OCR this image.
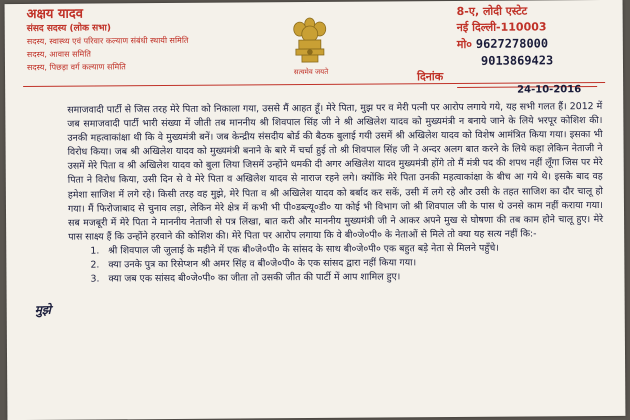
अक्षय यादव
संसद सदस्य (लोक सभा)
सदस्य, स्वास्थ्य एवं परिवार कल्याण संबंधी स्थायी समिति
सदस्य, आवास समिति
सदस्य, पिछड़ा वर्ग कल्याण समिति
सत्यमेव जयते
8-ए, लोदी एस्टेट
नई दिल्ली-110003
मो० 9627278000
9013869423
दिनांक
24-10-2016

समाजवादी पार्टी से जिस तरह मेरे पिता को निकाला गया, उससे मैं आहत हूँ। मेरे पिता, मुझ पर व मेरी पत्नी पर आरोप लगाये गये, यह सभी गलत हैं। 2012 में जब समाजवादी पार्टी भारी संख्या में जीती तब माननीय श्री शिवपाल सिंह जी ने श्री अखिलेश यादव को मुख्यमंत्री न बनाये जाने के लिये भरपूर कोशिश की। उनकी महत्वाकांक्षा थी कि वे मुख्यमंत्री बनें। जब केन्द्रीय संसदीय बोर्ड की बैठक बुलाई गयी उसमें श्री अखिलेश यादव को विशेष आमंत्रित किया गया। इसका भी विरोध किया। जब श्री अखिलेश यादव को मुख्यमंत्री बनाने के बारे में चर्चा हुई तो श्री शिवपाल सिंह जी ने अन्दर अलग बात करने के लिये कहा लेकिन नेताजी ने उसमें मेरे पिता व श्री अखिलेश यादव को बुला लिया जिसमें उन्होंने धमकी दी अगर अखिलेश यादव मुख्यमंत्री होंगे तो मैं मंत्री पद की शपथ नहीं लूँगा जिस पर मेरे पिता ने विरोध किया, उसी दिन से वे मेरे पिता व अखिलेश यादव से नाराज रहने लगे। क्योंकि मेरे पिता उनकी महत्वाकांक्षा के बीच आ गये थे। इसके बाद वह हमेशा साजिश में लगे रहे। किसी तरह वह मुझे, मेरे पिता व श्री अखिलेश यादव को बर्बाद कर सकें, उसी में लगे रहे और उसी के तहत साजिश का दौर चालू हो गया। मैं फिरोजाबाद से चुनाव लड़ा, लेकिन मेरे क्षेत्र में कभी भी पी०डब्ल्यू०डी० या कोई भी विभाग जो श्री शिवपाल जी के पास थे उनसे काम नहीं कराया गया। सब मजबूरी में मेरे पिता ने माननीय नेताजी से पत्र लिखा, बात करी और माननीय मुख्यमंत्री जी ने आकर अपने मुख से घोषणा की तब काम होने चालू हुए। मेरे पास साक्ष्य हैं कि उन्होंने हरवाने की कोशिश की। मेरे पिता पर आरोप लगाया कि वे बी०जे०पी० के नेताओं से मिले तो क्या यह सत्य नहीं कि:-

1. श्री शिवपाल जी जुलाई के महीने में एक बी०जे०पी० के सांसद के साथ बी०जे०पी० एक बहुत बड़े नेता से मिलने पहुँचे।
2. क्या उनके पुत्र का रिसेप्शन श्री अमर सिंह व बी०जे०पी० के एक सांसद द्वारा नहीं किया गया।
3. क्या जब एक सांसद बी०जे०पी० का जीता तो उसकी जीत की पार्टी में आप शामिल हुए।
मुझे
